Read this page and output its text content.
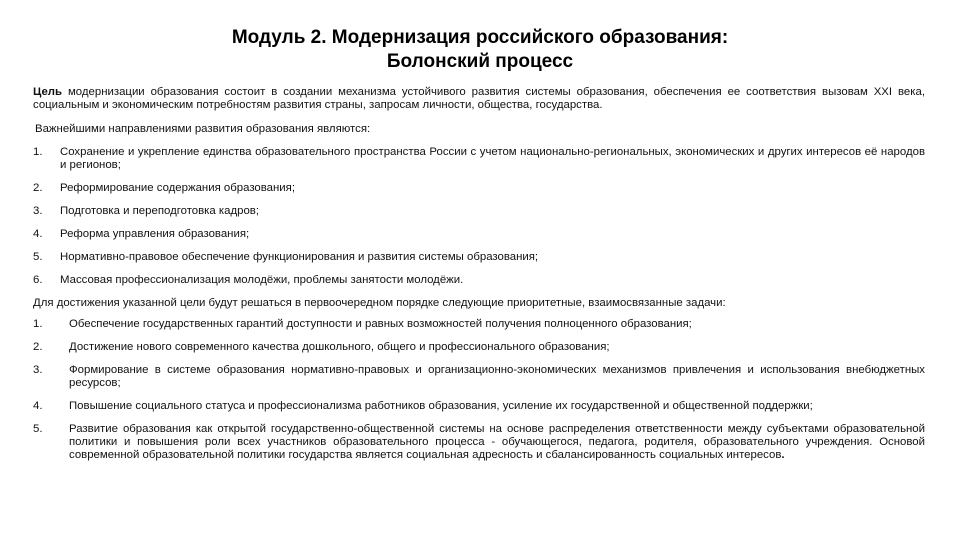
Модуль 2. Модернизация российского образования:
Болонский процесс

Цель модернизации образования состоит в создании механизма устойчивого развития системы образования, обеспечения ее соответствия вызовам XXI века, социальным и экономическим потребностям развития страны, запросам личности, общества, государства.

Важнейшими направлениями развития образования являются:

1.	Сохранение и укрепление единства образовательного пространства России с учетом национально-региональных, экономических и других интересов её народов и регионов;
2.	Реформирование содержания образования;
3.	Подготовка и переподготовка кадров;
4.	Реформа управления образования;
5.	Нормативно-правовое обеспечение функционирования и развития системы образования;
6.	Массовая профессионализация молодёжи, проблемы занятости молодёжи.

Для достижения указанной цели будут решаться в первоочередном порядке следующие приоритетные, взаимосвязанные задачи:

1.	Обеспечение государственных гарантий доступности и равных возможностей получения полноценного образования;
2.	Достижение нового современного качества дошкольного, общего и профессионального образования;
3.	Формирование в системе образования нормативно-правовых и организационно-экономических механизмов привлечения и использования внебюджетных ресурсов;
4.	Повышение социального статуса и профессионализма работников образования, усиление их государственной и общественной поддержки;
5.	Развитие образования как открытой государственно-общественной системы на основе распределения ответственности между субъектами образовательной политики и повышения роли всех участников образовательного процесса - обучающегося, педагога, родителя, образовательного учреждения. Основой современной образовательной политики государства является социальная адресность и сбалансированность социальных интересов.
